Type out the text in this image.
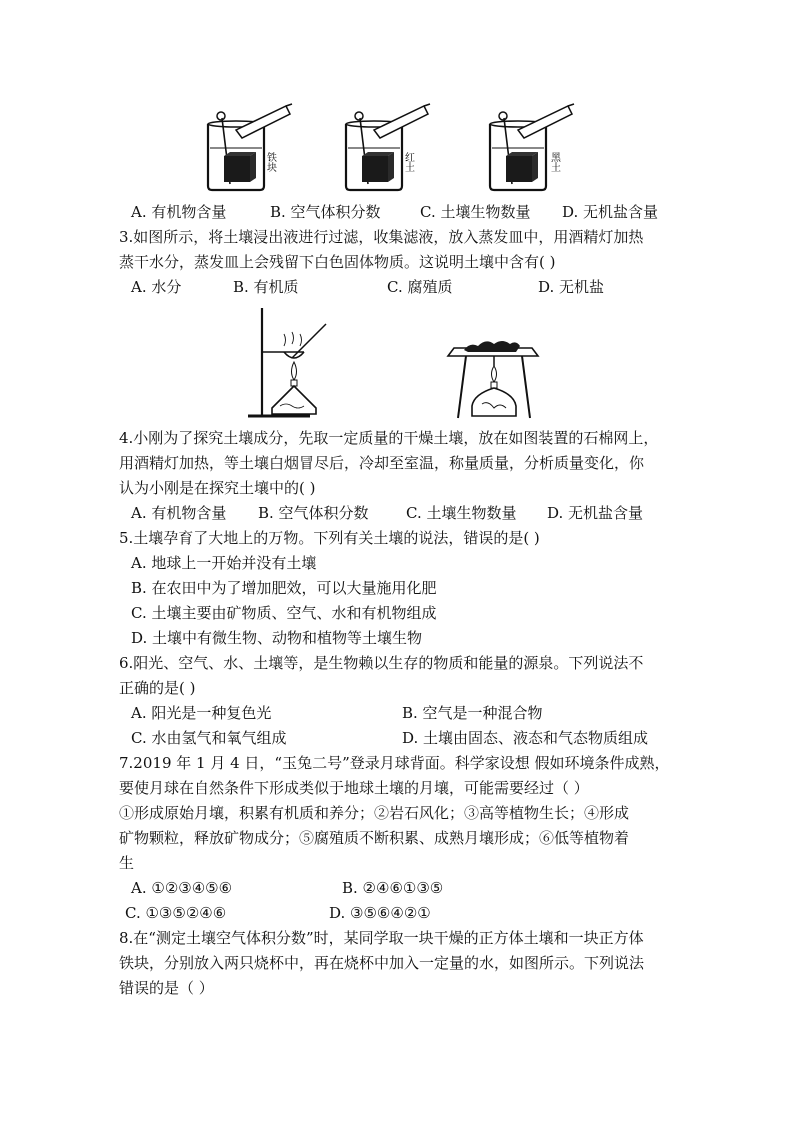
铁块	红土	黑土
A. 有机物含量	B. 空气体积分数	C. 土壤生物数量 D. 无机盐含量
3.如图所示，将土壤浸出液进行过滤，收集滤液，放入蒸发皿中，用酒精灯加热
蒸干水分，蒸发皿上会残留下白色固体物质。这说明土壤中含有( )
A. 水分	B. 有机质	C. 腐殖质	D. 无机盐
4.小刚为了探究土壤成分，先取一定质量的干燥土壤，放在如图装置的石棉网上，
用酒精灯加热，等土壤白烟冒尽后，冷却至室温，称量质量，分析质量变化，你
认为小刚是在探究土壤中的( )
A. 有机物含量 B. 空气体积分数 C. 土壤生物数量 D. 无机盐含量
5.土壤孕育了大地上的万物。下列有关土壤的说法，错误的是( )
A. 地球上一开始并没有土壤
B. 在农田中为了增加肥效，可以大量施用化肥
C. 土壤主要由矿物质、空气、水和有机物组成
D. 土壤中有微生物、动物和植物等土壤生物
6.阳光、空气、水、土壤等，是生物赖以生存的物质和能量的源泉。下列说法不
正确的是( )
A. 阳光是一种复色光	B. 空气是一种混合物
C. 水由氢气和氧气组成	D. 土壤由固态、液态和气态物质组成
7.2019 年 1 月 4 日，“玉兔二号”登录月球背面。科学家设想 假如环境条件成熟，
要使月球在自然条件下形成类似于地球土壤的月壤，可能需要经过（ ）
①形成原始月壤，积累有机质和养分；②岩石风化；③高等植物生长；④形成
矿物颗粒，释放矿物成分；⑤腐殖质不断积累、成熟月壤形成；⑥低等植物着
生
A. ①②③④⑤⑥	B. ②④⑥①③⑤
C. ①③⑤②④⑥	D. ③⑤⑥④②①
8.在“测定土壤空气体积分数”时，某同学取一块干燥的正方体土壤和一块正方体
铁块，分别放入两只烧杯中，再在烧杯中加入一定量的水，如图所示。下列说法
错误的是（ ）
